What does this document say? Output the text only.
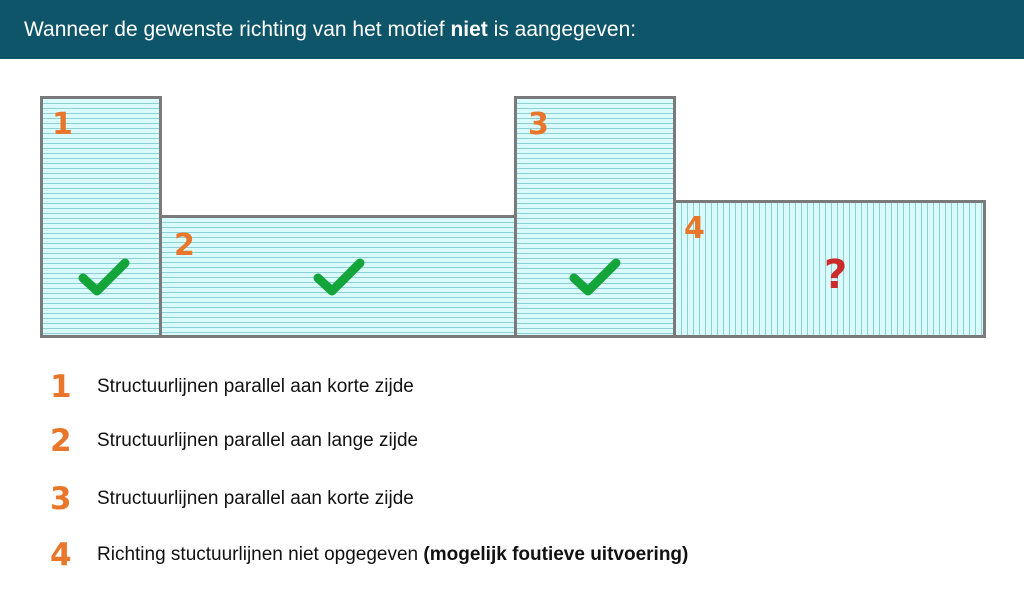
Wanneer de gewenste richting van het motief niet is aangegeven:
1
2
3
4
?
1	Structuurlijnen parallel aan korte zijde
2	Structuurlijnen parallel aan lange zijde
3	Structuurlijnen parallel aan korte zijde
4	Richting stuctuurlijnen niet opgegeven (mogelijk foutieve uitvoering)
